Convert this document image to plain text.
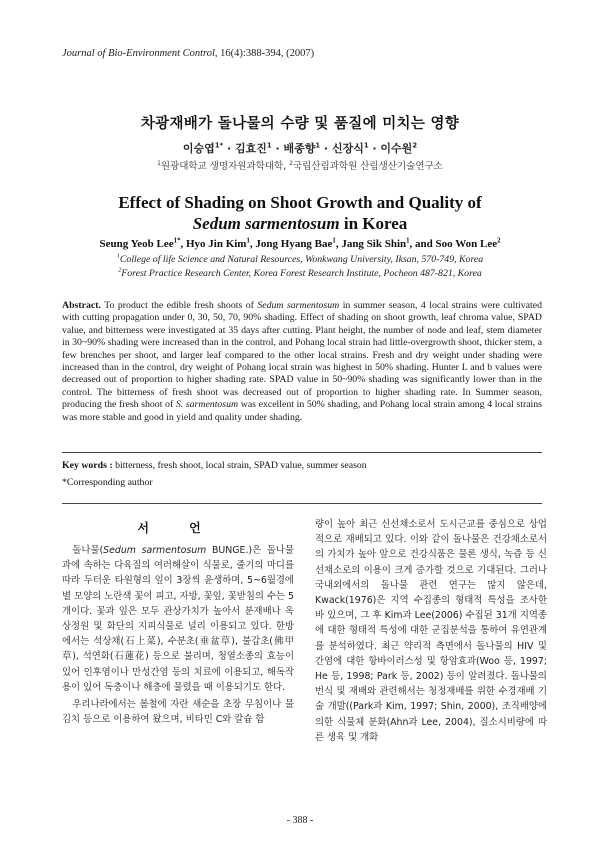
Journal of Bio-Environment Control, 16(4):388-394, (2007)
차광재배가 돌나물의 수량 및 품질에 미치는 영향
이승엽$^{1*}$ · 김효진$^1$ · 배종향$^1$ · 신장식$^1$ · 이수원$^2$
$^1$원광대학교 생명자원과학대학, $^2$국립산림과학원 산림생산기술연구소
Effect of Shading on Shoot Growth and Quality of
Sedum sarmentosum in Korea
Seung Yeob Lee$^{1*}$, Hyo Jin Kim$^1$, Jong Hyang Bae$^1$, Jang Sik Shin$^1$, and Soo Won Lee$^2$
$^1$College of life Science and Natural Resources, Wonkwang University, Iksan, 570-749, Korea
$^2$Forest Practice Research Center, Korea Forest Research Institute, Pocheon 487-821, Korea
Abstract. To product the edible fresh shoots of Sedum sarmentosum in summer season, 4 local strains were cultivated with cutting propagation under 0, 30, 50, 70, 90% shading. Effect of shading on shoot growth, leaf chroma value, SPAD value, and bitterness were investigated at 35 days after cutting. Plant height, the number of node and leaf, stem diameter in 30~90% shading were increased than in the control, and Pohang local strain had little-overgrowth shoot, thicker stem, a few brenches per shoot, and larger leaf compared to the other local strains. Fresh and dry weight under shading were increased than in the control, dry weight of Pohang local strain was highest in 50% shading. Hunter L and b values were decreased out of proportion to higher shading rate. SPAD value in 50~90% shading was significantly lower than in the control. The bitterness of fresh shoot was decreased out of proportion to higher shading rate. In Summer season, producing the fresh shoot of S. sarmentosum was excellent in 50% shading, and Pohang local strain among 4 local strains was more stable and good in yield and quality under shading.
Key words : bitterness, fresh shoot, local strain, SPAD value, summer season
*Corresponding author
서 언

돌나물(Sedum sarmentosum BUNGE.)은 돌나물과에 속하는 다육질의 여러해살이 식물로, 줄기의 마디를 따라 두터운 타원형의 잎이 3장씩 윤생하며, 5~6월경에 별 모양의 노란색 꽃이 피고, 자방, 꽃잎, 꽃받침의 수는 5개이다. 꽃과 잎은 모두 관상가치가 높아서 분재배나 옥상정원 및 화단의 지피식물로 널리 이용되고 있다. 한방에서는 석상채(石上菜), 수분초(垂盆草), 불갑초(佛甲草), 석연화(石蓮花) 등으로 불리며, 청열소종의 효능이 있어 인후염이나 만성간염 등의 치료에 이용되고, 해독작용이 있어 독충이나 해충에 물렸을 때 이용되기도 한다.

우리나라에서는 봄철에 자란 새순을 초장 무침이나 물김치 등으로 이용하여 왔으며, 비타민 C와 칼슘 함

량이 높아 최근 신선채소로서 도시근교를 중심으로 상업적으로 재배되고 있다. 이와 같이 돌나물은 건강채소로서의 가치가 높아 앞으로 건강식품은 물론 생식, 녹즙 등 신선채소로의 이용이 크게 증가할 것으로 기대된다. 그러나 국내외에서의 돌나물 관련 연구는 많지 않은데, Kwack(1976)은 지역 수집종의 형태적 특성을 조사한 바 있으며, 그 후 Kim과 Lee(2006) 수집된 31개 지역종에 대한 형태적 특성에 대한 군집분석을 통하여 유연관계를 분석하였다. 최근 약리적 측면에서 돌나물의 HIV 및 간염에 대한 항바이러스성 및 항암효과(Woo 등, 1997; He 등, 1998; Park 등, 2002) 등이 알려졌다. 돌나물의 번식 및 재배와 관련해서는 청정재배를 위한 수경재배 기술 개발((Park과 Kim, 1997; Shin, 2000), 조직배양에 의한 식물체 분화(Ahn과 Lee, 2004), 질소시비량에 따른 생육 및 개화

- 388 -
